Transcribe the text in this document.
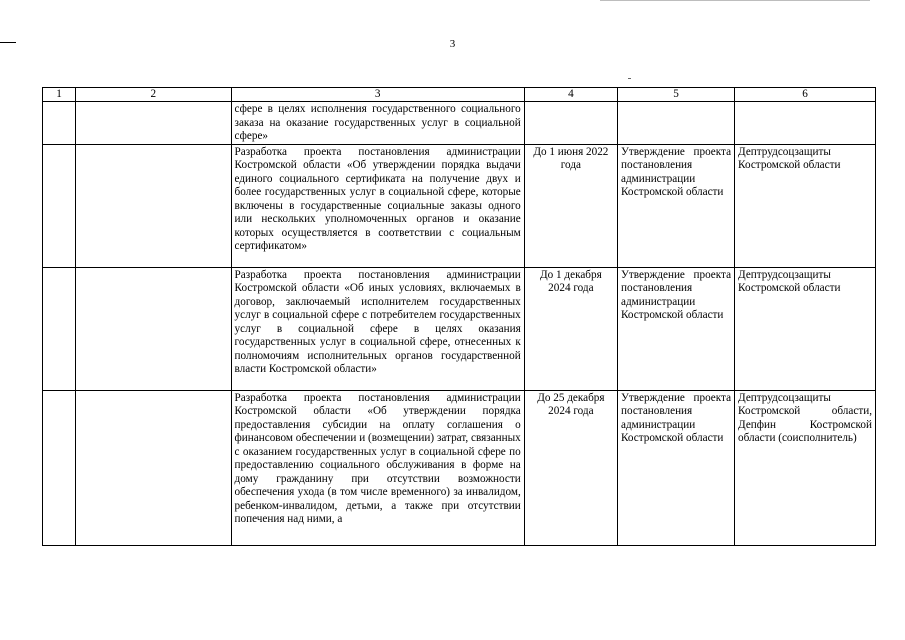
3
1	2	3	4	5	6
		сфере в целях исполнения государственного социального заказа на оказание государственных услуг в социальной сфере»			
		Разработка проекта постановления администрации Костромской области «Об утверждении порядка выдачи единого социального сертификата на получение двух и более государственных услуг в социальной сфере, которые включены в государственные социальные заказы одного или нескольких уполномоченных органов и оказание которых осуществляется в соответствии с социальным сертификатом»	До 1 июня 2022 года	Утверждение проекта постановления администрации Костромской области	Дептрудсоцзащиты Костромской области
		Разработка проекта постановления администрации Костромской области «Об иных условиях, включаемых в договор, заключаемый исполнителем государственных услуг в социальной сфере с потребителем государственных услуг в социальной сфере в целях оказания государственных услуг в социальной сфере, отнесенных к полномочиям исполнительных органов государственной власти Костромской области»	До 1 декабря 2024 года	Утверждение проекта постановления администрации Костромской области	Дептрудсоцзащиты Костромской области
		Разработка проекта постановления администрации Костромской области «Об утверждении порядка предоставления субсидии на оплату соглашения о финансовом обеспечении и (возмещении) затрат, связанных с оказанием государственных услуг в социальной сфере по предоставлению социального обслуживания в форме на дому гражданину при отсутствии возможности обеспечения ухода (в том числе временного) за инвалидом, ребенком-инвалидом, детьми, а также при отсутствии попечения над ними, а	До 25 декабря 2024 года	Утверждение проекта постановления администрации Костромской области	Дептрудсоцзащиты Костромской области, Депфин Костромской области (соисполнитель)
